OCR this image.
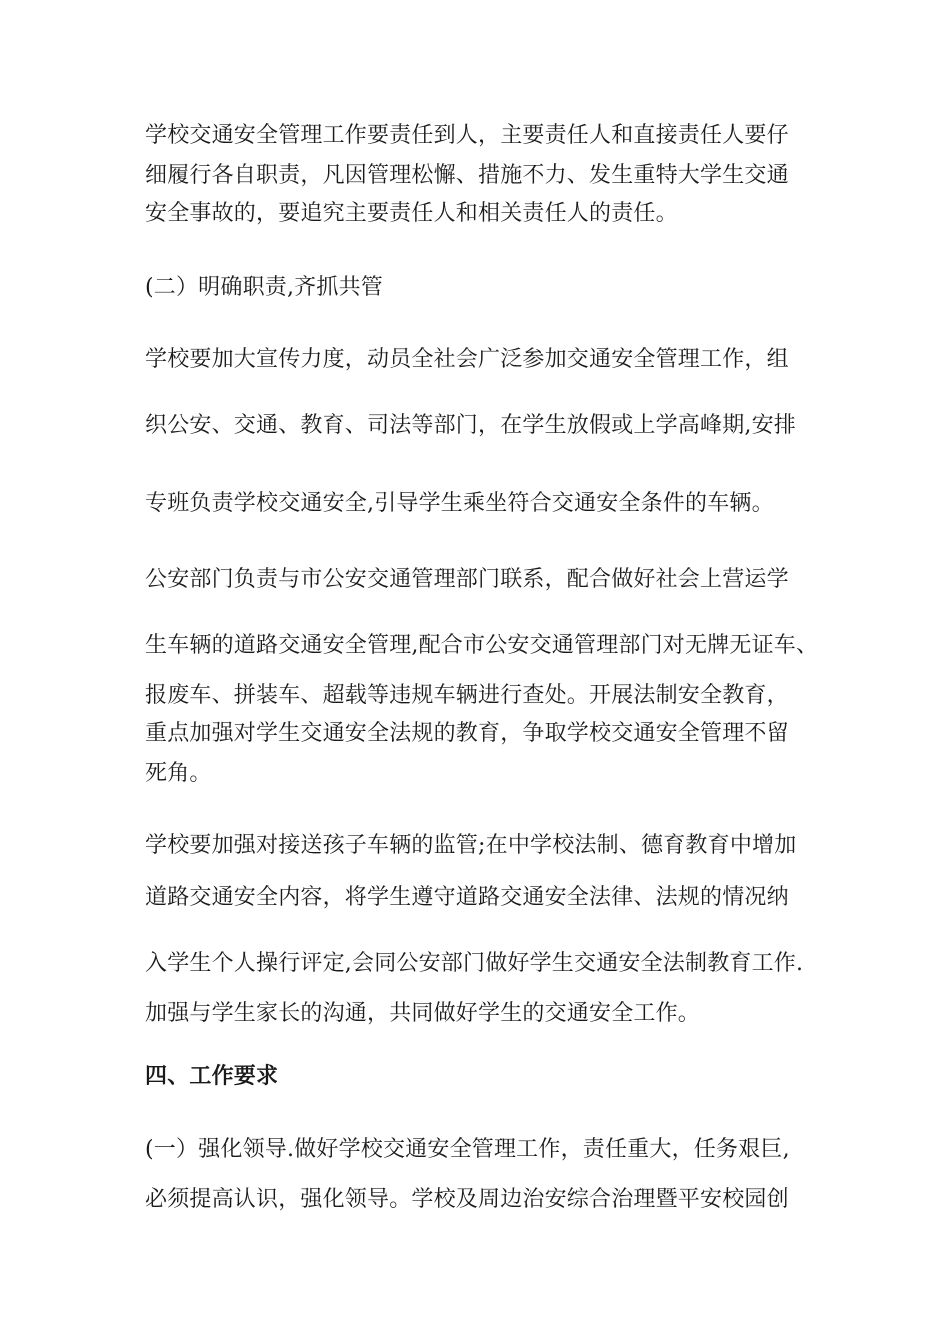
学校交通安全管理工作要责任到人，主要责任人和直接责任人要仔
细履行各自职责，凡因管理松懈、措施不力、发生重特大学生交通
安全事故的，要追究主要责任人和相关责任人的责任。
(二）明确职责,齐抓共管
学校要加大宣传力度，动员全社会广泛参加交通安全管理工作，组
织公安、交通、教育、司法等部门，在学生放假或上学高峰期,安排
专班负责学校交通安全,引导学生乘坐符合交通安全条件的车辆。
公安部门负责与市公安交通管理部门联系，配合做好社会上营运学
生车辆的道路交通安全管理,配合市公安交通管理部门对无牌无证车、
报废车、拼装车、超载等违规车辆进行查处。开展法制安全教育，
重点加强对学生交通安全法规的教育，争取学校交通安全管理不留
死角。
学校要加强对接送孩子车辆的监管;在中学校法制、德育教育中增加
道路交通安全内容，将学生遵守道路交通安全法律、法规的情况纳
入学生个人操行评定,会同公安部门做好学生交通安全法制教育工作.
加强与学生家长的沟通，共同做好学生的交通安全工作。
四、工作要求
(一）强化领导.做好学校交通安全管理工作，责任重大，任务艰巨,
必须提高认识，强化领导。学校及周边治安综合治理暨平安校园创
